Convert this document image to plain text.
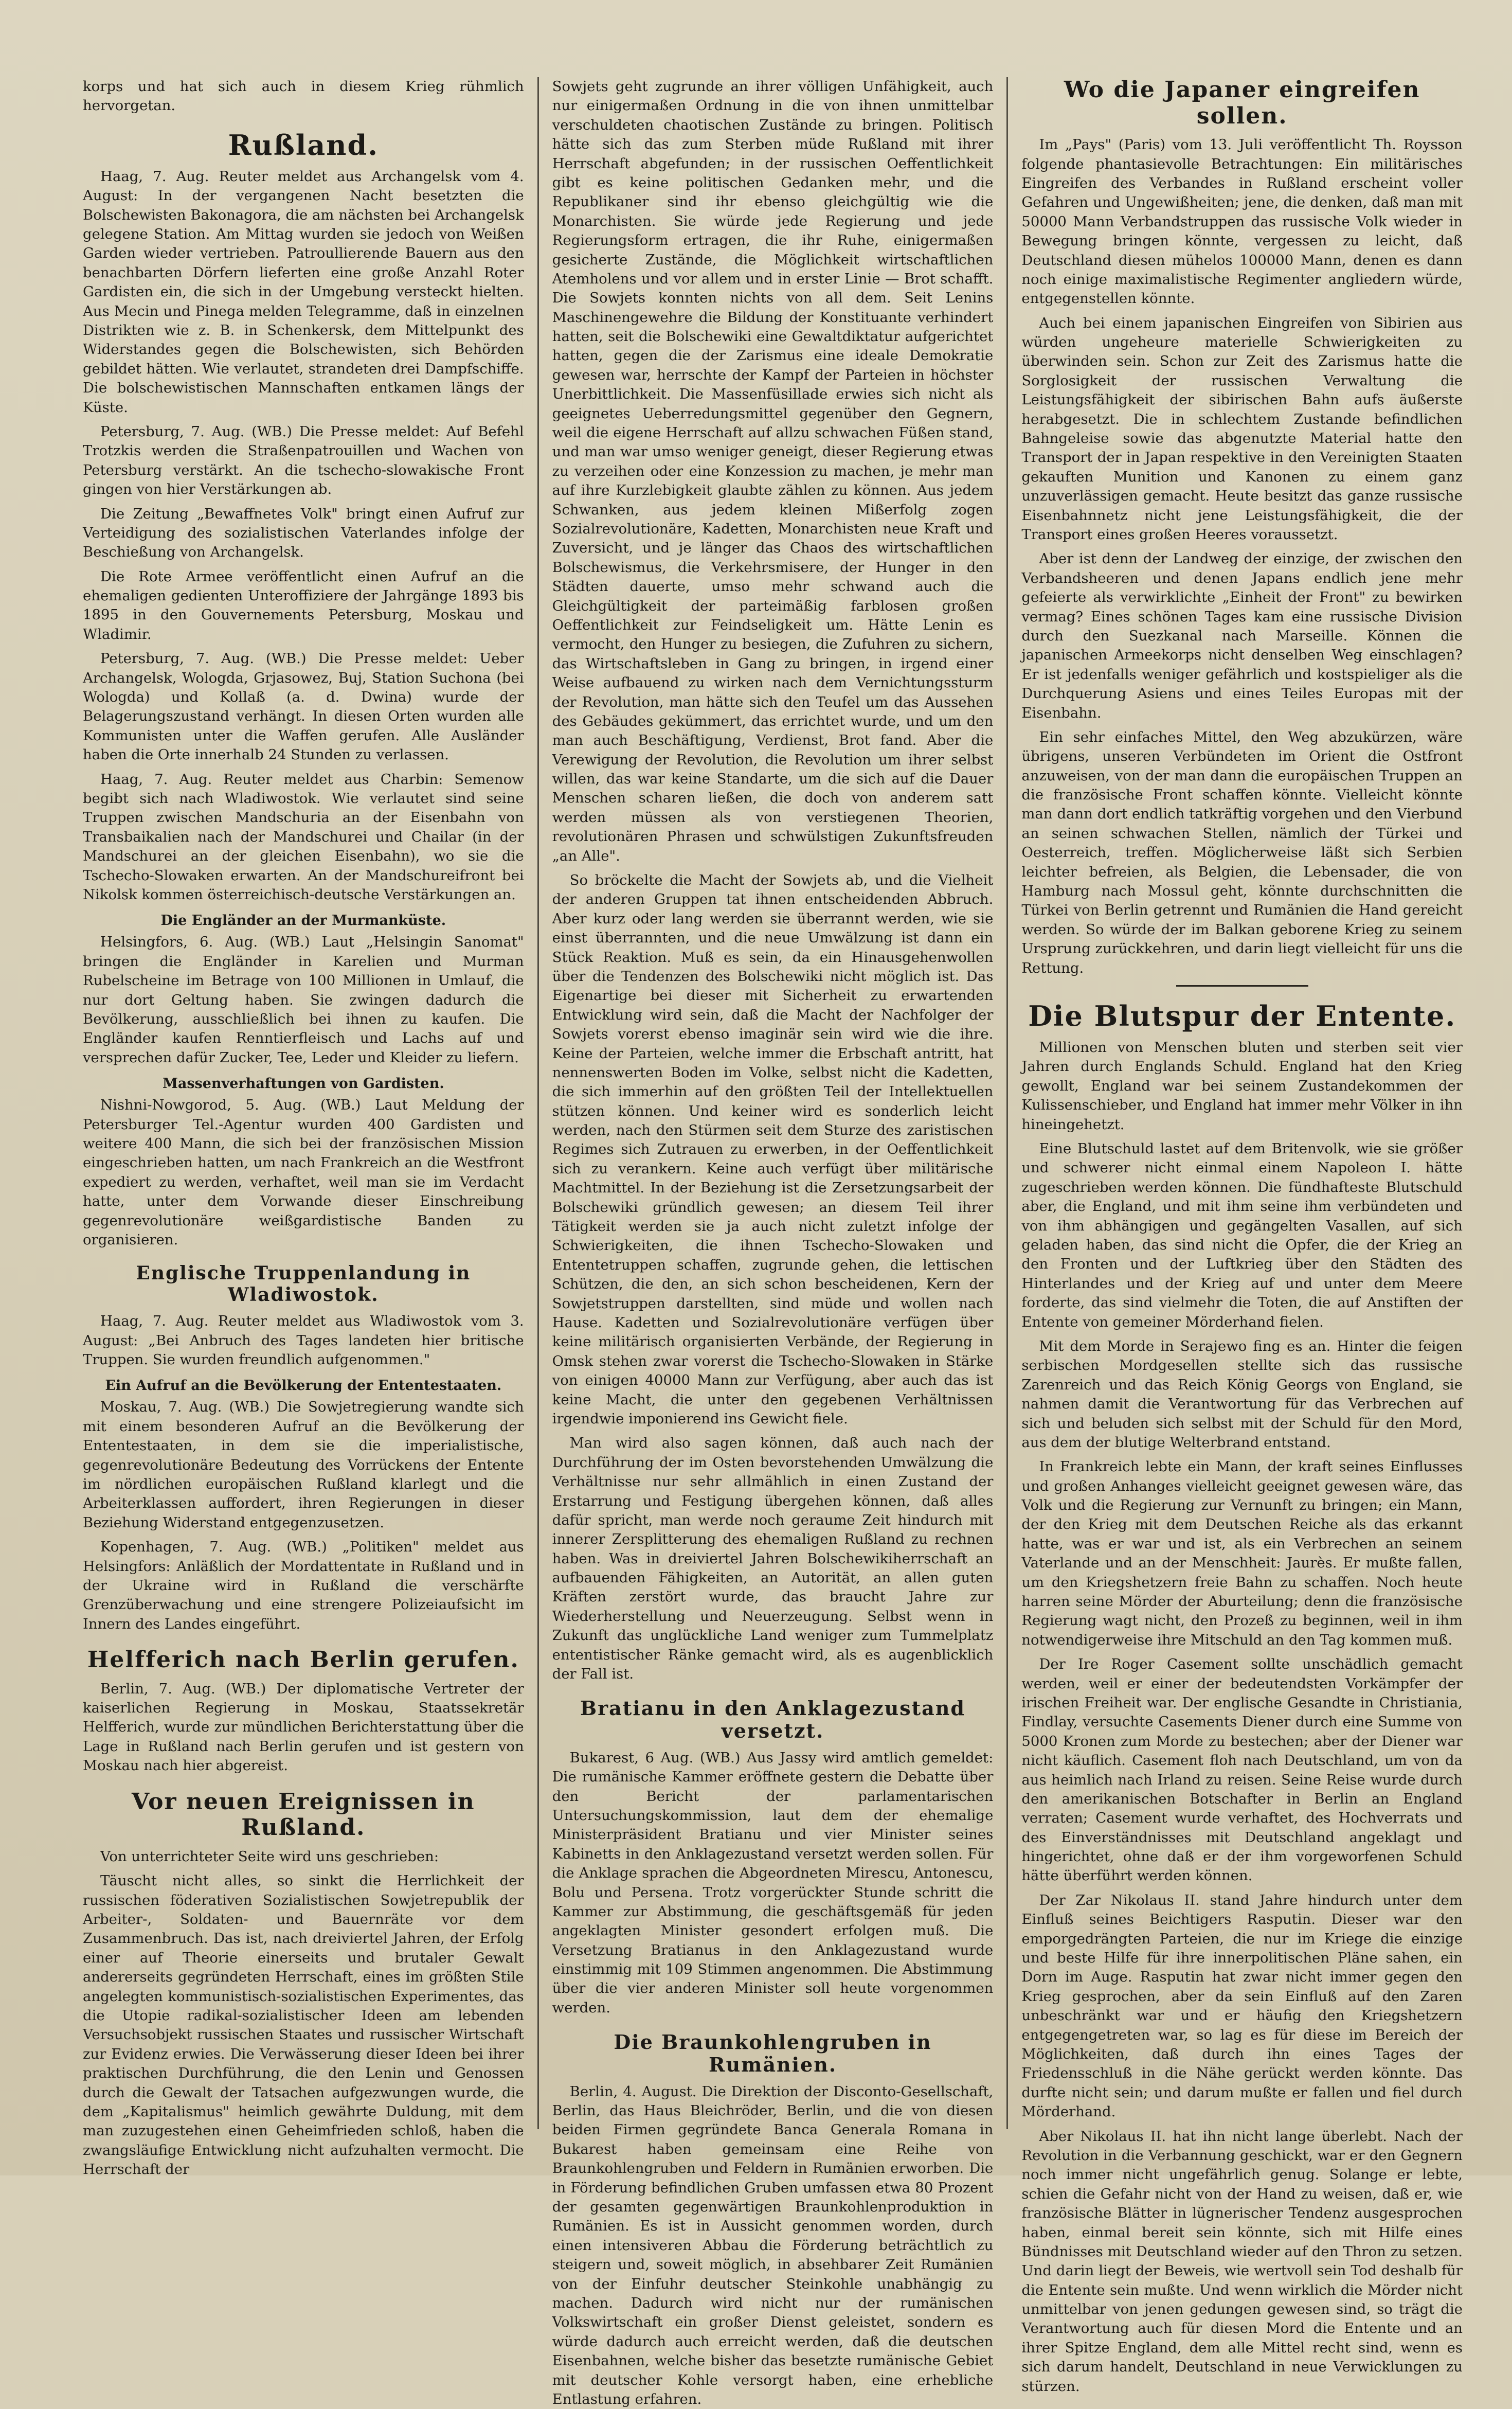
korps und hat sich auch in diesem Krieg rühmlich hervorgetan.

Rußland.

Haag, 7. Aug. Reuter meldet aus Archangelsk vom 4. August: In der vergangenen Nacht besetzten die Bolschewisten Bakonagora, die am nächsten bei Archangelsk gelegene Station. Am Mittag wurden sie jedoch von Weißen Garden wieder vertrieben. Patroullierende Bauern aus den benachbarten Dörfern lieferten eine große Anzahl Roter Gardisten ein, die sich in der Umgebung versteckt hielten. Aus Mecin und Pinega melden Telegramme, daß in einzelnen Distrikten wie z. B. in Schenkersk, dem Mittelpunkt des Widerstandes gegen die Bolschewisten, sich Behörden gebildet hätten. Wie verlautet, strandeten drei Dampfschiffe. Die bolschewistischen Mannschaften entkamen längs der Küste.

Petersburg, 7. Aug. (WB.) Die Presse meldet: Auf Befehl Trotzkis werden die Straßenpatrouillen und Wachen von Petersburg verstärkt. An die tschecho-slowakische Front gingen von hier Verstärkungen ab.

Die Zeitung „Bewaffnetes Volk" bringt einen Aufruf zur Verteidigung des sozialistischen Vaterlandes infolge der Beschießung von Archangelsk.

Die Rote Armee veröffentlicht einen Aufruf an die ehemaligen gedienten Unteroffiziere der Jahrgänge 1893 bis 1895 in den Gouvernements Petersburg, Moskau und Wladimir.

Petersburg, 7. Aug. (WB.) Die Presse meldet: Ueber Archangelsk, Wologda, Grjasowez, Buj, Station Suchona (bei Wologda) und Kollaß (a. d. Dwina) wurde der Belagerungszustand verhängt. In diesen Orten wurden alle Kommunisten unter die Waffen gerufen. Alle Ausländer haben die Orte innerhalb 24 Stunden zu verlassen.

Haag, 7. Aug. Reuter meldet aus Charbin: Semenow begibt sich nach Wladiwostok. Wie verlautet sind seine Truppen zwischen Mandschuria an der Eisenbahn von Transbaikalien nach der Mandschurei und Chailar (in der Mandschurei an der gleichen Eisenbahn), wo sie die Tschecho-Slowaken erwarten. An der Mandschureifront bei Nikolsk kommen österreichisch-deutsche Verstärkungen an.

Die Engländer an der Murmanküste.

Helsingfors, 6. Aug. (WB.) Laut „Helsingin Sanomat" bringen die Engländer in Karelien und Murman Rubelscheine im Betrage von 100 Millionen in Umlauf, die nur dort Geltung haben. Sie zwingen dadurch die Bevölkerung, ausschließlich bei ihnen zu kaufen. Die Engländer kaufen Renntierfleisch und Lachs auf und versprechen dafür Zucker, Tee, Leder und Kleider zu liefern.

Massenverhaftungen von Gardisten.

Nishni-Nowgorod, 5. Aug. (WB.) Laut Meldung der Petersburger Tel.-Agentur wurden 400 Gardisten und weitere 400 Mann, die sich bei der französischen Mission eingeschrieben hatten, um nach Frankreich an die Westfront expediert zu werden, verhaftet, weil man sie im Verdacht hatte, unter dem Vorwande dieser Einschreibung gegenrevolutionäre weißgardistische Banden zu organisieren.

Englische Truppenlandung in Wladiwostok.

Haag, 7. Aug. Reuter meldet aus Wladiwostok vom 3. August: „Bei Anbruch des Tages landeten hier britische Truppen. Sie wurden freundlich aufgenommen."

Ein Aufruf an die Bevölkerung der Ententestaaten.

Moskau, 7. Aug. (WB.) Die Sowjetregierung wandte sich mit einem besonderen Aufruf an die Bevölkerung der Ententestaaten, in dem sie die imperialistische, gegenrevolutionäre Bedeutung des Vorrückens der Entente im nördlichen europäischen Rußland klarlegt und die Arbeiterklassen auffordert, ihren Regierungen in dieser Beziehung Widerstand entgegenzusetzen.

Kopenhagen, 7. Aug. (WB.) „Politiken" meldet aus Helsingfors: Anläßlich der Mordattentate in Rußland und in der Ukraine wird in Rußland die verschärfte Grenzüberwachung und eine strengere Polizeiaufsicht im Innern des Landes eingeführt.

Helfferich nach Berlin gerufen.

Berlin, 7. Aug. (WB.) Der diplomatische Vertreter der kaiserlichen Regierung in Moskau, Staatssekretär Helfferich, wurde zur mündlichen Berichterstattung über die Lage in Rußland nach Berlin gerufen und ist gestern von Moskau nach hier abgereist.

Vor neuen Ereignissen in Rußland.

Von unterrichteter Seite wird uns geschrieben:

Täuscht nicht alles, so sinkt die Herrlichkeit der russischen föderativen Sozialistischen Sowjetrepublik der Arbeiter-, Soldaten- und Bauernräte vor dem Zusammenbruch. Das ist, nach dreiviertel Jahren, der Erfolg einer auf Theorie einerseits und brutaler Gewalt andererseits gegründeten Herrschaft, eines im größten Stile angelegten kommunistisch-sozialistischen Experimentes, das die Utopie radikal-sozialistischer Ideen am lebenden Versuchsobjekt russischen Staates und russischer Wirtschaft zur Evidenz erwies. Die Verwässerung dieser Ideen bei ihrer praktischen Durchführung, die den Lenin und Genossen durch die Gewalt der Tatsachen aufgezwungen wurde, die dem „Kapitalismus" heimlich gewährte Duldung, mit dem man zuzugestehen einen Geheimfrieden schloß, haben die zwangsläufige Entwicklung nicht aufzuhalten vermocht. Die Herrschaft der

Sowjets geht zugrunde an ihrer völligen Unfähigkeit, auch nur einigermaßen Ordnung in die von ihnen unmittelbar verschuldeten chaotischen Zustände zu bringen. Politisch hätte sich das zum Sterben müde Rußland mit ihrer Herrschaft abgefunden; in der russischen Oeffentlichkeit gibt es keine politischen Gedanken mehr, und die Republikaner sind ihr ebenso gleichgültig wie die Monarchisten. Sie würde jede Regierung und jede Regierungsform ertragen, die ihr Ruhe, einigermaßen gesicherte Zustände, die Möglichkeit wirtschaftlichen Atemholens und vor allem und in erster Linie — Brot schafft. Die Sowjets konnten nichts von all dem. Seit Lenins Maschinengewehre die Bildung der Konstituante verhindert hatten, seit die Bolschewiki eine Gewaltdiktatur aufgerichtet hatten, gegen die der Zarismus eine ideale Demokratie gewesen war, herrschte der Kampf der Parteien in höchster Unerbittlichkeit. Die Massenfüsillade erwies sich nicht als geeignetes Ueberredungsmittel gegenüber den Gegnern, weil die eigene Herrschaft auf allzu schwachen Füßen stand, und man war umso weniger geneigt, dieser Regierung etwas zu verzeihen oder eine Konzession zu machen, je mehr man auf ihre Kurzlebigkeit glaubte zählen zu können. Aus jedem Schwanken, aus jedem kleinen Mißerfolg zogen Sozialrevolutionäre, Kadetten, Monarchisten neue Kraft und Zuversicht, und je länger das Chaos des wirtschaftlichen Bolschewismus, die Verkehrsmisere, der Hunger in den Städten dauerte, umso mehr schwand auch die Gleichgültigkeit der parteimäßig farblosen großen Oeffentlichkeit zur Feindseligkeit um. Hätte Lenin es vermocht, den Hunger zu besiegen, die Zufuhren zu sichern, das Wirtschaftsleben in Gang zu bringen, in irgend einer Weise aufbauend zu wirken nach dem Vernichtungssturm der Revolution, man hätte sich den Teufel um das Aussehen des Gebäudes gekümmert, das errichtet wurde, und um den man auch Beschäftigung, Verdienst, Brot fand. Aber die Verewigung der Revolution, die Revolution um ihrer selbst willen, das war keine Standarte, um die sich auf die Dauer Menschen scharen ließen, die doch von anderem satt werden müssen als von verstiegenen Theorien, revolutionären Phrasen und schwülstigen Zukunftsfreuden „an Alle".

So bröckelte die Macht der Sowjets ab, und die Vielheit der anderen Gruppen tat ihnen entscheidenden Abbruch. Aber kurz oder lang werden sie überrannt werden, wie sie einst überrannten, und die neue Umwälzung ist dann ein Stück Reaktion. Muß es sein, da ein Hinausgehenwollen über die Tendenzen des Bolschewiki nicht möglich ist. Das Eigenartige bei dieser mit Sicherheit zu erwartenden Entwicklung wird sein, daß die Macht der Nachfolger der Sowjets vorerst ebenso imaginär sein wird wie die ihre. Keine der Parteien, welche immer die Erbschaft antritt, hat nennenswerten Boden im Volke, selbst nicht die Kadetten, die sich immerhin auf den größten Teil der Intellektuellen stützen können. Und keiner wird es sonderlich leicht werden, nach den Stürmen seit dem Sturze des zaristischen Regimes sich Zutrauen zu erwerben, in der Oeffentlichkeit sich zu verankern. Keine auch verfügt über militärische Machtmittel. In der Beziehung ist die Zersetzungsarbeit der Bolschewiki gründlich gewesen; an diesem Teil ihrer Tätigkeit werden sie ja auch nicht zuletzt infolge der Schwierigkeiten, die ihnen Tschecho-Slowaken und Ententetruppen schaffen, zugrunde gehen, die lettischen Schützen, die den, an sich schon bescheidenen, Kern der Sowjetstruppen darstellten, sind müde und wollen nach Hause. Kadetten und Sozialrevolutionäre verfügen über keine militärisch organisierten Verbände, der Regierung in Omsk stehen zwar vorerst die Tschecho-Slowaken in Stärke von einigen 40000 Mann zur Verfügung, aber auch das ist keine Macht, die unter den gegebenen Verhältnissen irgendwie imponierend ins Gewicht fiele.

Man wird also sagen können, daß auch nach der Durchführung der im Osten bevorstehenden Umwälzung die Verhältnisse nur sehr allmählich in einen Zustand der Erstarrung und Festigung übergehen können, daß alles dafür spricht, man werde noch geraume Zeit hindurch mit innerer Zersplitterung des ehemaligen Rußland zu rechnen haben. Was in dreiviertel Jahren Bolschewikiherrschaft an aufbauenden Fähigkeiten, an Autorität, an allen guten Kräften zerstört wurde, das braucht Jahre zur Wiederherstellung und Neuerzeugung. Selbst wenn in Zukunft das unglückliche Land weniger zum Tummelplatz ententistischer Ränke gemacht wird, als es augenblicklich der Fall ist.

Bratianu in den Anklagezustand versetzt.

Bukarest, 6 Aug. (WB.) Aus Jassy wird amtlich gemeldet: Die rumänische Kammer eröffnete gestern die Debatte über den Bericht der parlamentarischen Untersuchungskommission, laut dem der ehemalige Ministerpräsident Bratianu und vier Minister seines Kabinetts in den Anklagezustand versetzt werden sollen. Für die Anklage sprachen die Abgeordneten Mirescu, Antonescu, Bolu und Persena. Trotz vorgerückter Stunde schritt die Kammer zur Abstimmung, die geschäftsgemäß für jeden angeklagten Minister gesondert erfolgen muß. Die Versetzung Bratianus in den Anklagezustand wurde einstimmig mit 109 Stimmen angenommen. Die Abstimmung über die vier anderen Minister soll heute vorgenommen werden.

Die Braunkohlengruben in Rumänien.

Berlin, 4. August. Die Direktion der Disconto-Gesellschaft, Berlin, das Haus Bleichröder, Berlin, und die von diesen beiden Firmen gegründete Banca Generala Romana in Bukarest haben gemeinsam eine Reihe von Braunkohlengruben und Feldern in Rumänien erworben. Die in Förderung befindlichen Gruben umfassen etwa 80 Prozent der gesamten gegenwärtigen Braunkohlenproduktion in Rumänien. Es ist in Aussicht genommen worden, durch einen intensiveren Abbau die Förderung beträchtlich zu steigern und, soweit möglich, in absehbarer Zeit Rumänien von der Einfuhr deutscher Steinkohle unabhängig zu machen. Dadurch wird nicht nur der rumänischen Volkswirtschaft ein großer Dienst geleistet, sondern es würde dadurch auch erreicht werden, daß die deutschen Eisenbahnen, welche bisher das besetzte rumänische Gebiet mit deutscher Kohle versorgt haben, eine erhebliche Entlastung erfahren.

Wo die Japaner eingreifen sollen.

Im „Pays" (Paris) vom 13. Juli veröffentlicht Th. Roysson folgende phantasievolle Betrachtungen: Ein militärisches Eingreifen des Verbandes in Rußland erscheint voller Gefahren und Ungewißheiten; jene, die denken, daß man mit 50000 Mann Verbandstruppen das russische Volk wieder in Bewegung bringen könnte, vergessen zu leicht, daß Deutschland diesen mühelos 100000 Mann, denen es dann noch einige maximalistische Regimenter angliedern würde, entgegenstellen könnte.

Auch bei einem japanischen Eingreifen von Sibirien aus würden ungeheure materielle Schwierigkeiten zu überwinden sein. Schon zur Zeit des Zarismus hatte die Sorglosigkeit der russischen Verwaltung die Leistungsfähigkeit der sibirischen Bahn aufs äußerste herabgesetzt. Die in schlechtem Zustande befindlichen Bahngeleise sowie das abgenutzte Material hatte den Transport der in Japan respektive in den Vereinigten Staaten gekauften Munition und Kanonen zu einem ganz unzuverlässigen gemacht. Heute besitzt das ganze russische Eisenbahnnetz nicht jene Leistungsfähigkeit, die der Transport eines großen Heeres voraussetzt.

Aber ist denn der Landweg der einzige, der zwischen den Verbandsheeren und denen Japans endlich jene mehr gefeierte als verwirklichte „Einheit der Front" zu bewirken vermag? Eines schönen Tages kam eine russische Division durch den Suezkanal nach Marseille. Können die japanischen Armeekorps nicht denselben Weg einschlagen? Er ist jedenfalls weniger gefährlich und kostspieliger als die Durchquerung Asiens und eines Teiles Europas mit der Eisenbahn.

Ein sehr einfaches Mittel, den Weg abzukürzen, wäre übrigens, unseren Verbündeten im Orient die Ostfront anzuweisen, von der man dann die europäischen Truppen an die französische Front schaffen könnte. Vielleicht könnte man dann dort endlich tatkräftig vorgehen und den Vierbund an seinen schwachen Stellen, nämlich der Türkei und Oesterreich, treffen. Möglicherweise läßt sich Serbien leichter befreien, als Belgien, die Lebensader, die von Hamburg nach Mossul geht, könnte durchschnitten die Türkei von Berlin getrennt und Rumänien die Hand gereicht werden. So würde der im Balkan geborene Krieg zu seinem Ursprung zurückkehren, und darin liegt vielleicht für uns die Rettung.

Die Blutspur der Entente.

Millionen von Menschen bluten und sterben seit vier Jahren durch Englands Schuld. England hat den Krieg gewollt, England war bei seinem Zustandekommen der Kulissenschieber, und England hat immer mehr Völker in ihn hineingehetzt.

Eine Blutschuld lastet auf dem Britenvolk, wie sie größer und schwerer nicht einmal einem Napoleon I. hätte zugeschrieben werden können. Die fündhafteste Blutschuld aber, die England, und mit ihm seine ihm verbündeten und von ihm abhängigen und gegängelten Vasallen, auf sich geladen haben, das sind nicht die Opfer, die der Krieg an den Fronten und der Luftkrieg über den Städten des Hinterlandes und der Krieg auf und unter dem Meere forderte, das sind vielmehr die Toten, die auf Anstiften der Entente von gemeiner Mörderhand fielen.

Mit dem Morde in Serajewo fing es an. Hinter die feigen serbischen Mordgesellen stellte sich das russische Zarenreich und das Reich König Georgs von England, sie nahmen damit die Verantwortung für das Verbrechen auf sich und beluden sich selbst mit der Schuld für den Mord, aus dem der blutige Welterbrand entstand.

In Frankreich lebte ein Mann, der kraft seines Einflusses und großen Anhanges vielleicht geeignet gewesen wäre, das Volk und die Regierung zur Vernunft zu bringen; ein Mann, der den Krieg mit dem Deutschen Reiche als das erkannt hatte, was er war und ist, als ein Verbrechen an seinem Vaterlande und an der Menschheit: Jaurès. Er mußte fallen, um den Kriegshetzern freie Bahn zu schaffen. Noch heute harren seine Mörder der Aburteilung; denn die französische Regierung wagt nicht, den Prozeß zu beginnen, weil in ihm notwendigerweise ihre Mitschuld an den Tag kommen muß.

Der Ire Roger Casement sollte unschädlich gemacht werden, weil er einer der bedeutendsten Vorkämpfer der irischen Freiheit war. Der englische Gesandte in Christiania, Findlay, versuchte Casements Diener durch eine Summe von 5000 Kronen zum Morde zu bestechen; aber der Diener war nicht käuflich. Casement floh nach Deutschland, um von da aus heimlich nach Irland zu reisen. Seine Reise wurde durch den amerikanischen Botschafter in Berlin an England verraten; Casement wurde verhaftet, des Hochverrats und des Einverständnisses mit Deutschland angeklagt und hingerichtet, ohne daß er der ihm vorgeworfenen Schuld hätte überführt werden können.

Der Zar Nikolaus II. stand Jahre hindurch unter dem Einfluß seines Beichtigers Rasputin. Dieser war den emporgedrängten Parteien, die nur im Kriege die einzige und beste Hilfe für ihre innerpolitischen Pläne sahen, ein Dorn im Auge. Rasputin hat zwar nicht immer gegen den Krieg gesprochen, aber da sein Einfluß auf den Zaren unbeschränkt war und er häufig den Kriegshetzern entgegengetreten war, so lag es für diese im Bereich der Möglichkeiten, daß durch ihn eines Tages der Friedensschluß in die Nähe gerückt werden könnte. Das durfte nicht sein; und darum mußte er fallen und fiel durch Mörderhand.

Aber Nikolaus II. hat ihn nicht lange überlebt. Nach der Revolution in die Verbannung geschickt, war er den Gegnern noch immer nicht ungefährlich genug. Solange er lebte, schien die Gefahr nicht von der Hand zu weisen, daß er, wie französische Blätter in lügnerischer Tendenz ausgesprochen haben, einmal bereit sein könnte, sich mit Hilfe eines Bündnisses mit Deutschland wieder auf den Thron zu setzen. Und darin liegt der Beweis, wie wertvoll sein Tod deshalb für die Entente sein mußte. Und wenn wirklich die Mörder nicht unmittelbar von jenen gedungen gewesen sind, so trägt die Verantwortung auch für diesen Mord die Entente und an ihrer Spitze England, dem alle Mittel recht sind, wenn es sich darum handelt, Deutschland in neue Verwicklungen zu stürzen.
